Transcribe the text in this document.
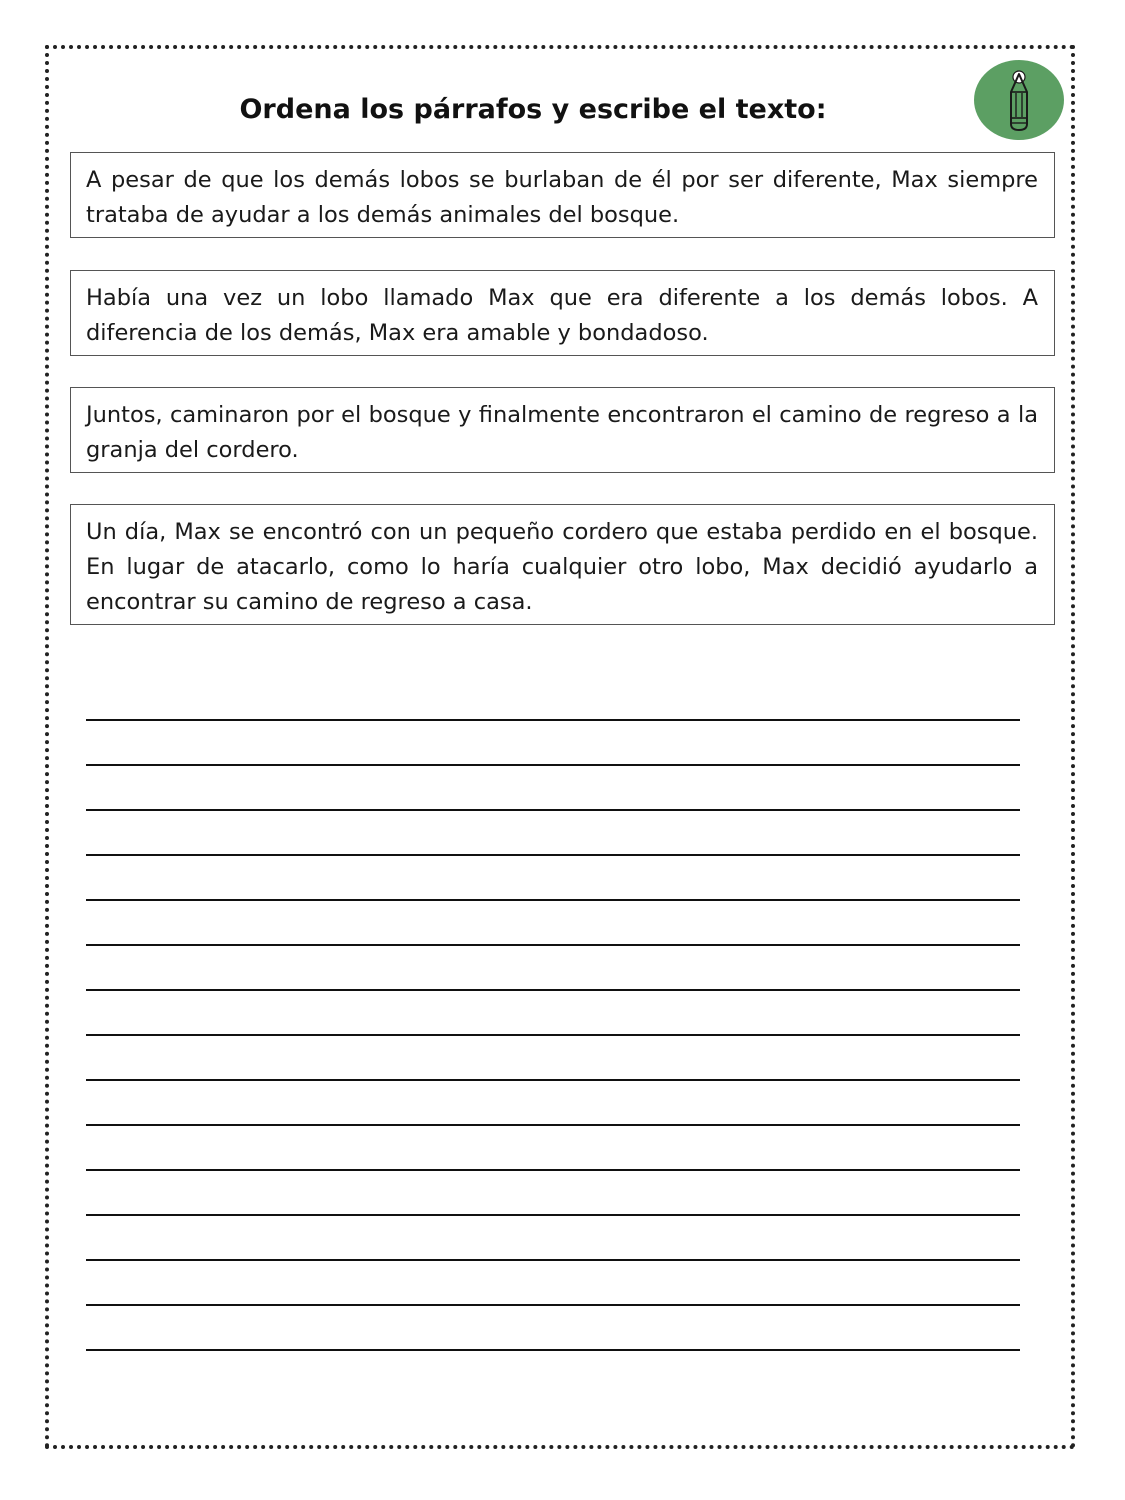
Ordena los párrafos y escribe el texto:
A pesar de que los demás lobos se burlaban de él por ser diferente, Max siempre trataba de ayudar a los demás animales del bosque.
Había una vez un lobo llamado Max que era diferente a los demás lobos. A diferencia de los demás, Max era amable y bondadoso.
Juntos, caminaron por el bosque y finalmente encontraron el camino de regreso a la granja del cordero.
Un día, Max se encontró con un pequeño cordero que estaba perdido en el bosque. En lugar de atacarlo, como lo haría cualquier otro lobo, Max decidió ayudarlo a encontrar su camino de regreso a casa.
